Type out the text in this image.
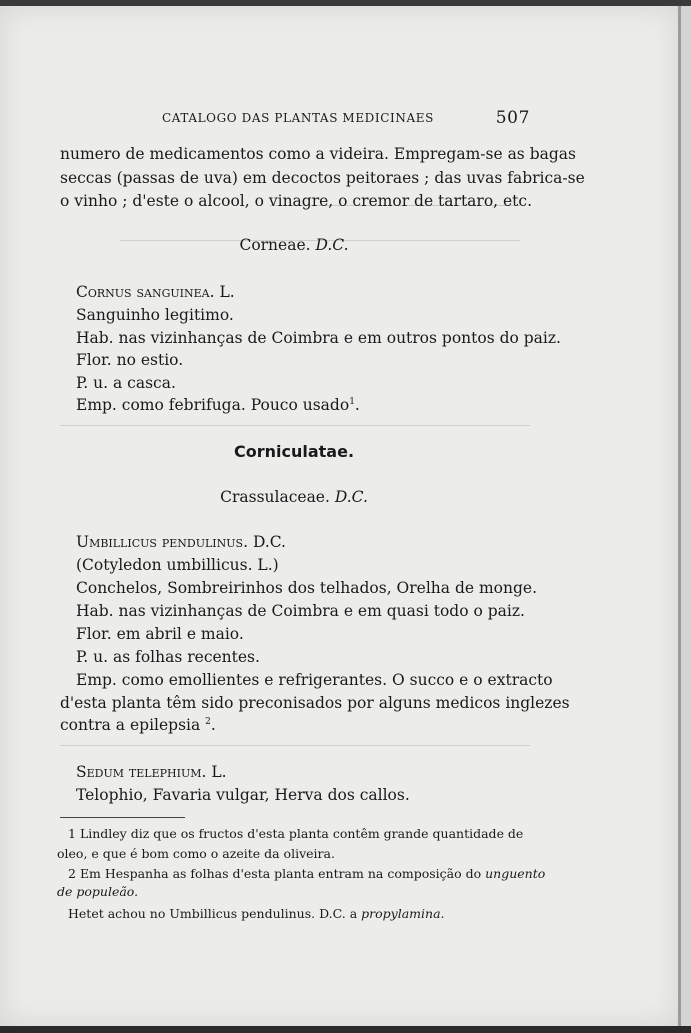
CATALOGO DAS PLANTAS MEDICINAES	507
numero de medicamentos como a videira. Empregam-se as bagas
seccas (passas de uva) em decoctos peitoraes ; das uvas fabrica-se
o vinho ; d'este o alcool, o vinagre, o cremor de tartaro, etc.
Corneae. D.C.
Cornus sanguinea. L.
Sanguinho legitimo.
Hab. nas vizinhanças de Coimbra e em outros pontos do paiz.
Flor. no estio.
P. u. a casca.
Emp. como febrifuga. Pouco usado$^1$.
Corniculatae.
Crassulaceae. D.C.
Umbillicus pendulinus. D.C.
(Cotyledon umbillicus. L.)
Conchelos, Sombreirinhos dos telhados, Orelha de monge.
Hab. nas vizinhanças de Coimbra e em quasi todo o paiz.
Flor. em abril e maio.
P. u. as folhas recentes.
Emp. como emollientes e refrigerantes. O succo e o extracto
d'esta planta têm sido preconisados por alguns medicos inglezes
contra a epilepsia $^2$.
Sedum telephium. L.
Telophio, Favaria vulgar, Herva dos callos.
1 Lindley diz que os fructos d'esta planta contêm grande quantidade de
oleo, e que é bom como o azeite da oliveira.
2 Em Hespanha as folhas d'esta planta entram na composição do unguento
de populeão.
Hetet achou no Umbillicus pendulinus. D.C. a propylamina.
